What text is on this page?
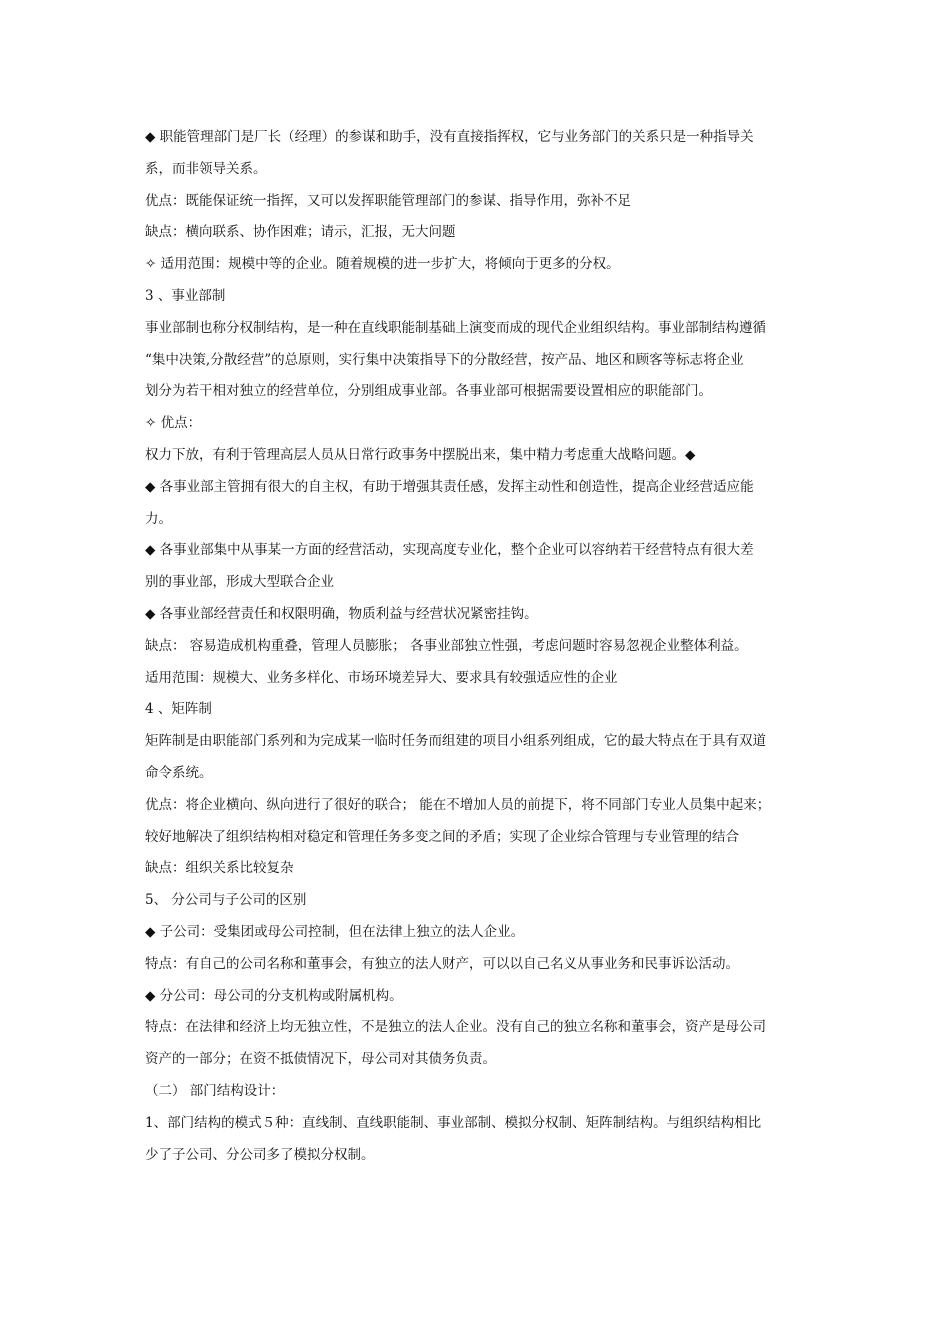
◆ 职能管理部门是厂长（经理）的参谋和助手，没有直接指挥权，它与业务部门的关系只是一种指导关

系，而非领导关系。

优点：既能保证统一指挥，又可以发挥职能管理部门的参谋、指导作用，弥补不足

缺点：横向联系、协作困难；请示，汇报，无大问题

✧ 适用范围：规模中等的企业。随着规模的进一步扩大，将倾向于更多的分权。

3 、事业部制

事业部制也称分权制结构，是一种在直线职能制基础上演变而成的现代企业组织结构。事业部制结构遵循

“集中决策,分散经营”的总原则，实行集中决策指导下的分散经营，按产品、地区和顾客等标志将企业

划分为若干相对独立的经营单位，分别组成事业部。各事业部可根据需要设置相应的职能部门。

✧ 优点：

权力下放，有利于管理高层人员从日常行政事务中摆脱出来，集中精力考虑重大战略问题。◆

◆ 各事业部主管拥有很大的自主权，有助于增强其责任感，发挥主动性和创造性，提高企业经营适应能

力。

◆ 各事业部集中从事某一方面的经营活动，实现高度专业化，整个企业可以容纳若干经营特点有很大差

别的事业部，形成大型联合企业

◆ 各事业部经营责任和权限明确，物质利益与经营状况紧密挂钩。

缺点： 容易造成机构重叠，管理人员膨胀； 各事业部独立性强，考虑问题时容易忽视企业整体利益。

适用范围：规模大、业务多样化、市场环境差异大、要求具有较强适应性的企业

4 、矩阵制

矩阵制是由职能部门系列和为完成某一临时任务而组建的项目小组系列组成，它的最大特点在于具有双道

命令系统。

优点：将企业横向、纵向进行了很好的联合； 能在不增加人员的前提下，将不同部门专业人员集中起来；

较好地解决了组织结构相对稳定和管理任务多变之间的矛盾；实现了企业综合管理与专业管理的结合

缺点：组织关系比较复杂

5、 分公司与子公司的区别

◆ 子公司：受集团或母公司控制，但在法律上独立的法人企业。

特点：有自己的公司名称和董事会，有独立的法人财产，可以以自己名义从事业务和民事诉讼活动。

◆ 分公司：母公司的分支机构或附属机构。

特点：在法律和经济上均无独立性，不是独立的法人企业。没有自己的独立名称和董事会，资产是母公司

资产的一部分；在资不抵债情况下，母公司对其债务负责。

（二） 部门结构设计：

1、部门结构的模式５种：直线制、直线职能制、事业部制、模拟分权制、矩阵制结构。与组织结构相比

少了子公司、分公司多了模拟分权制。
